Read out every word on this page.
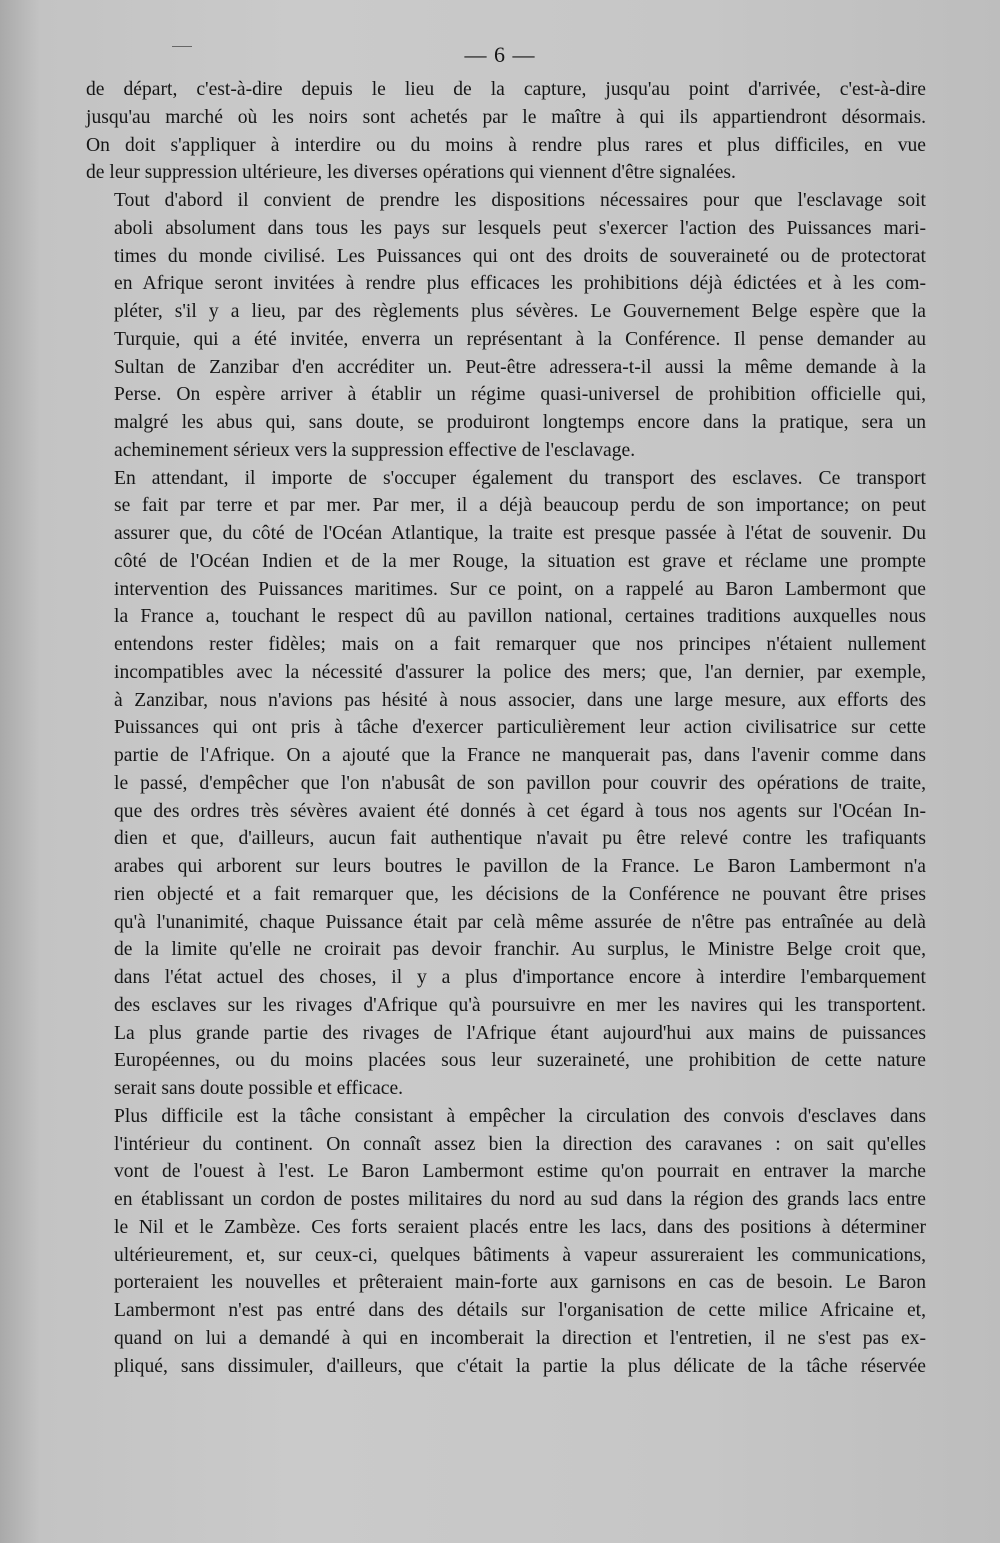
— 6 —
de départ, c'est-à-dire depuis le lieu de la capture, jusqu'au point d'arrivée, c'est-à-dire
jusqu'au marché où les noirs sont achetés par le maître à qui ils appartiendront désormais.
On doit s'appliquer à interdire ou du moins à rendre plus rares et plus difficiles, en vue
de leur suppression ultérieure, les diverses opérations qui viennent d'être signalées.
Tout d'abord il convient de prendre les dispositions nécessaires pour que l'esclavage soit
aboli absolument dans tous les pays sur lesquels peut s'exercer l'action des Puissances mari-
times du monde civilisé. Les Puissances qui ont des droits de souveraineté ou de protectorat
en Afrique seront invitées à rendre plus efficaces les prohibitions déjà édictées et à les com-
pléter, s'il y a lieu, par des règlements plus sévères. Le Gouvernement Belge espère que la
Turquie, qui a été invitée, enverra un représentant à la Conférence. Il pense demander au
Sultan de Zanzibar d'en accréditer un. Peut-être adressera-t-il aussi la même demande à la
Perse. On espère arriver à établir un régime quasi-universel de prohibition officielle qui,
malgré les abus qui, sans doute, se produiront longtemps encore dans la pratique, sera un
acheminement sérieux vers la suppression effective de l'esclavage.
En attendant, il importe de s'occuper également du transport des esclaves. Ce transport
se fait par terre et par mer. Par mer, il a déjà beaucoup perdu de son importance; on peut
assurer que, du côté de l'Océan Atlantique, la traite est presque passée à l'état de souvenir. Du
côté de l'Océan Indien et de la mer Rouge, la situation est grave et réclame une prompte
intervention des Puissances maritimes. Sur ce point, on a rappelé au Baron Lambermont que
la France a, touchant le respect dû au pavillon national, certaines traditions auxquelles nous
entendons rester fidèles; mais on a fait remarquer que nos principes n'étaient nullement
incompatibles avec la nécessité d'assurer la police des mers; que, l'an dernier, par exemple,
à Zanzibar, nous n'avions pas hésité à nous associer, dans une large mesure, aux efforts des
Puissances qui ont pris à tâche d'exercer particulièrement leur action civilisatrice sur cette
partie de l'Afrique. On a ajouté que la France ne manquerait pas, dans l'avenir comme dans
le passé, d'empêcher que l'on n'abusât de son pavillon pour couvrir des opérations de traite,
que des ordres très sévères avaient été donnés à cet égard à tous nos agents sur l'Océan In-
dien et que, d'ailleurs, aucun fait authentique n'avait pu être relevé contre les trafiquants
arabes qui arborent sur leurs boutres le pavillon de la France. Le Baron Lambermont n'a
rien objecté et a fait remarquer que, les décisions de la Conférence ne pouvant être prises
qu'à l'unanimité, chaque Puissance était par celà même assurée de n'être pas entraînée au delà
de la limite qu'elle ne croirait pas devoir franchir. Au surplus, le Ministre Belge croit que,
dans l'état actuel des choses, il y a plus d'importance encore à interdire l'embarquement
des esclaves sur les rivages d'Afrique qu'à poursuivre en mer les navires qui les transportent.
La plus grande partie des rivages de l'Afrique étant aujourd'hui aux mains de puissances
Européennes, ou du moins placées sous leur suzeraineté, une prohibition de cette nature
serait sans doute possible et efficace.
Plus difficile est la tâche consistant à empêcher la circulation des convois d'esclaves dans
l'intérieur du continent. On connaît assez bien la direction des caravanes : on sait qu'elles
vont de l'ouest à l'est. Le Baron Lambermont estime qu'on pourrait en entraver la marche
en établissant un cordon de postes militaires du nord au sud dans la région des grands lacs entre
le Nil et le Zambèze. Ces forts seraient placés entre les lacs, dans des positions à déterminer
ultérieurement, et, sur ceux-ci, quelques bâtiments à vapeur assureraient les communications,
porteraient les nouvelles et prêteraient main-forte aux garnisons en cas de besoin. Le Baron
Lambermont n'est pas entré dans des détails sur l'organisation de cette milice Africaine et,
quand on lui a demandé à qui en incomberait la direction et l'entretien, il ne s'est pas ex-
pliqué, sans dissimuler, d'ailleurs, que c'était la partie la plus délicate de la tâche réservée
